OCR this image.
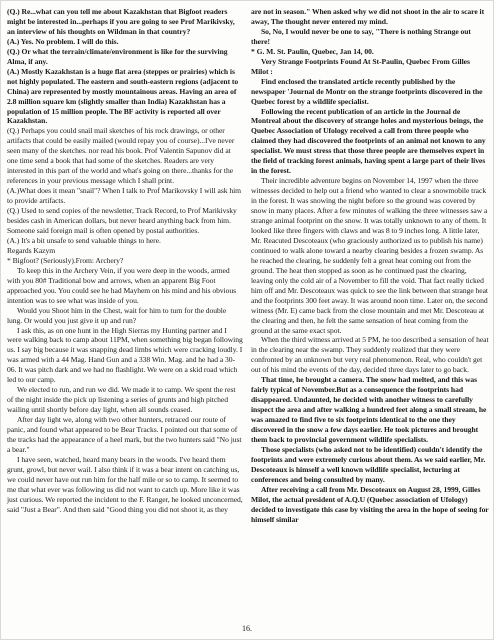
(Q.) Re...what can you tell me about Kazakhstan that Bigfoot readers might be interested in...perhaps if you are going to see Prof Marikivsky, an interview of his thoughts on Wildman in that country?

(A.) Yes. No problem. I will do this.

(Q.) Or what the terrain/climate/environment is like for the surviving Alma, if any.

(A.) Mostly Kazakhstan is a huge flat area (steppes or prairies) which is not highly populated. The eastern and south-eastern regions (adjacent to China) are represented by mostly mountainous areas. Having an area of 2.8 million square km (slightly smaller than India) Kazakhstan has a population of 15 million people. The BF activity is reported all over Kazakhstan.

(Q.) Perhaps you could snail mail sketches of his rock drawings, or other artifacts that could be easily mailed (would repay you of course)...I've never seen many of the sketches. nor read his book. Prof Valentin Sapunov did at one time send a book that had some of the sketches. Readers are very interested in this part of the world and what's going on there...thanks for the references in your previous message which I shall print.

(A.)What does it mean "snail"? When I talk to Prof Marikovsky I will ask him to provide artifacts.

(Q.) Used to send copies of the newsletter, Track Record, to Prof Marikivsky besides cash in American dollars, but never heard anything back from him. Someone said foreign mail is often opened by postal authorities.

(A.) It's a bit unsafe to send valuable things to here.

Regards Kazym

* Bigfoot? (Seriously).From: Archery?

To keep this in the Archery Vein, if you were deep in the woods, armed with you 80# Traditional bow and arrows, when an apparent Big Foot approached you. You could see he had Mayhem on his mind and his obvious intention was to see what was inside of you.

Would you Shoot him in the Chest, wait for him to turn for the double lung. Or would you just give it up and run?

I ask this, as on one hunt in the High Sierras my Hunting partner and I were walking back to camp about 11PM, when something big began following us. I say big because it was snapping dead limbs which were cracking loudly. I was armed with a 44 Mag. Hand Gun and a 338 Win. Mag. and he had a 30-06. It was pitch dark and we had no flashlight. We were on a skid road which led to our camp.

We elected to run, and run we did. We made it to camp. We spent the rest of the night inside the pick up listening a series of grunts and high pitched wailing until shortly before day light, when all sounds ceased.

After day light we, along with two other hunters, retraced our route of panic, and found what appeared to be Bear Tracks. I pointed out that some of the tracks had the appearance of a heel mark, but the two hunters said "No just a bear."

I have seen, watched, heard many bears in the woods. I've heard them grunt, growl, but never wail. I also think if it was a bear intent on catching us, we could never have out run him for the half mile or so to camp. It seemed to me that what ever was following us did not want to catch up. More like it was just curious. We reported the incident to the F. Ranger, he looked unconcerned, said "Just a Bear". And then said "Good thing you did not shoot it, as they

are not in season." When asked why we did not shoot in the air to scare it away, The thought never entered my mind.

So, No, I would never be one to say, "There is nothing Strange out there!

* G. M. St. Paulin, Quebec, Jan 14, 00.

Very Strange Footprints Found At St-Paulin, Quebec From Gilles Milot :

Find enclosed the translated article recently published by the newspaper 'Journal de Montr on the strange footprints discovered in the Quebec forest by a wildlife specialist.

Following the recent publication of an article in the Journal de Montreal about the discovery of strange holes and mysterious beings, the Quebec Association of Ufology received a call from three people who claimed they had discovered the footprints of an animal not known to any specialist. We must stress that those three people are themselves expert in the field of tracking forest animals, having spent a large part of their lives in the forest.

Their incredible adventure begins on November 14, 1997 when the three witnesses decided to help out a friend who wanted to clear a snowmobile track in the forest. It was snowing the night before so the ground was covered by snow in many places. After a few minutes of walking the three witnesses saw a strange animal footprint on the snow. It was totally unknown to any of them. It looked like three fingers with claws and was 8 to 9 inches long. A little later, Mr. Reacuted Descoteaux (who graciously authorized us to publish his name) continued to walk alone toward a nearby clearing besides a frozen swamp. As he reached the clearing, he suddenly felt a great heat coming out from the ground. The heat then stopped as soon as he continued past the clearing, leaving only the cold air of a November to fill the void. That fact really ticked him off and Mr. Descoteaux was quick to see the link between that strange heat and the footprints 300 feet away. It was around noon time. Later on, the second witness (Mr. E) came back from the close mountain and met Mr. Descoteau at the clearing and then, he felt the same sensation of heat coming from the ground at the same exact spot.

When the third witness arrived at 5 PM, he too described a sensation of heat in the clearing near the swamp. They suddenly realized that they were confronted by an unknown but very real phenomenon. Real, who couldn't get out of his mind the events of the day, decided three days later to go back.

That time, he brought a camera. The snow had melted, and this was fairly typical of November.But as a consequence the footprints had disappeared. Undaunted, he decided with another witness to carefully inspect the area and after walking a hundred feet along a small stream, he was amazed to find five to six footprints identical to the one they discovered in the snow a few days earlier. He took pictures and brought them back to provincial government wildlife specialists.

Those specialists (who asked not to be identified) couldn't identify the footprints and were extremely curious about them. As we said earlier, Mr. Descoteaux is himself a well known wildlife specialist, lecturing at conferences and being consulted by many.

After receiving a call from Mr. Descoteaux on August 28, 1999, Gilles Milot, the actual president of A.Q.U (Quebec association of Ufology) decided to investigate this case by visiting the area in the hope of seeing for himself similar

16.
